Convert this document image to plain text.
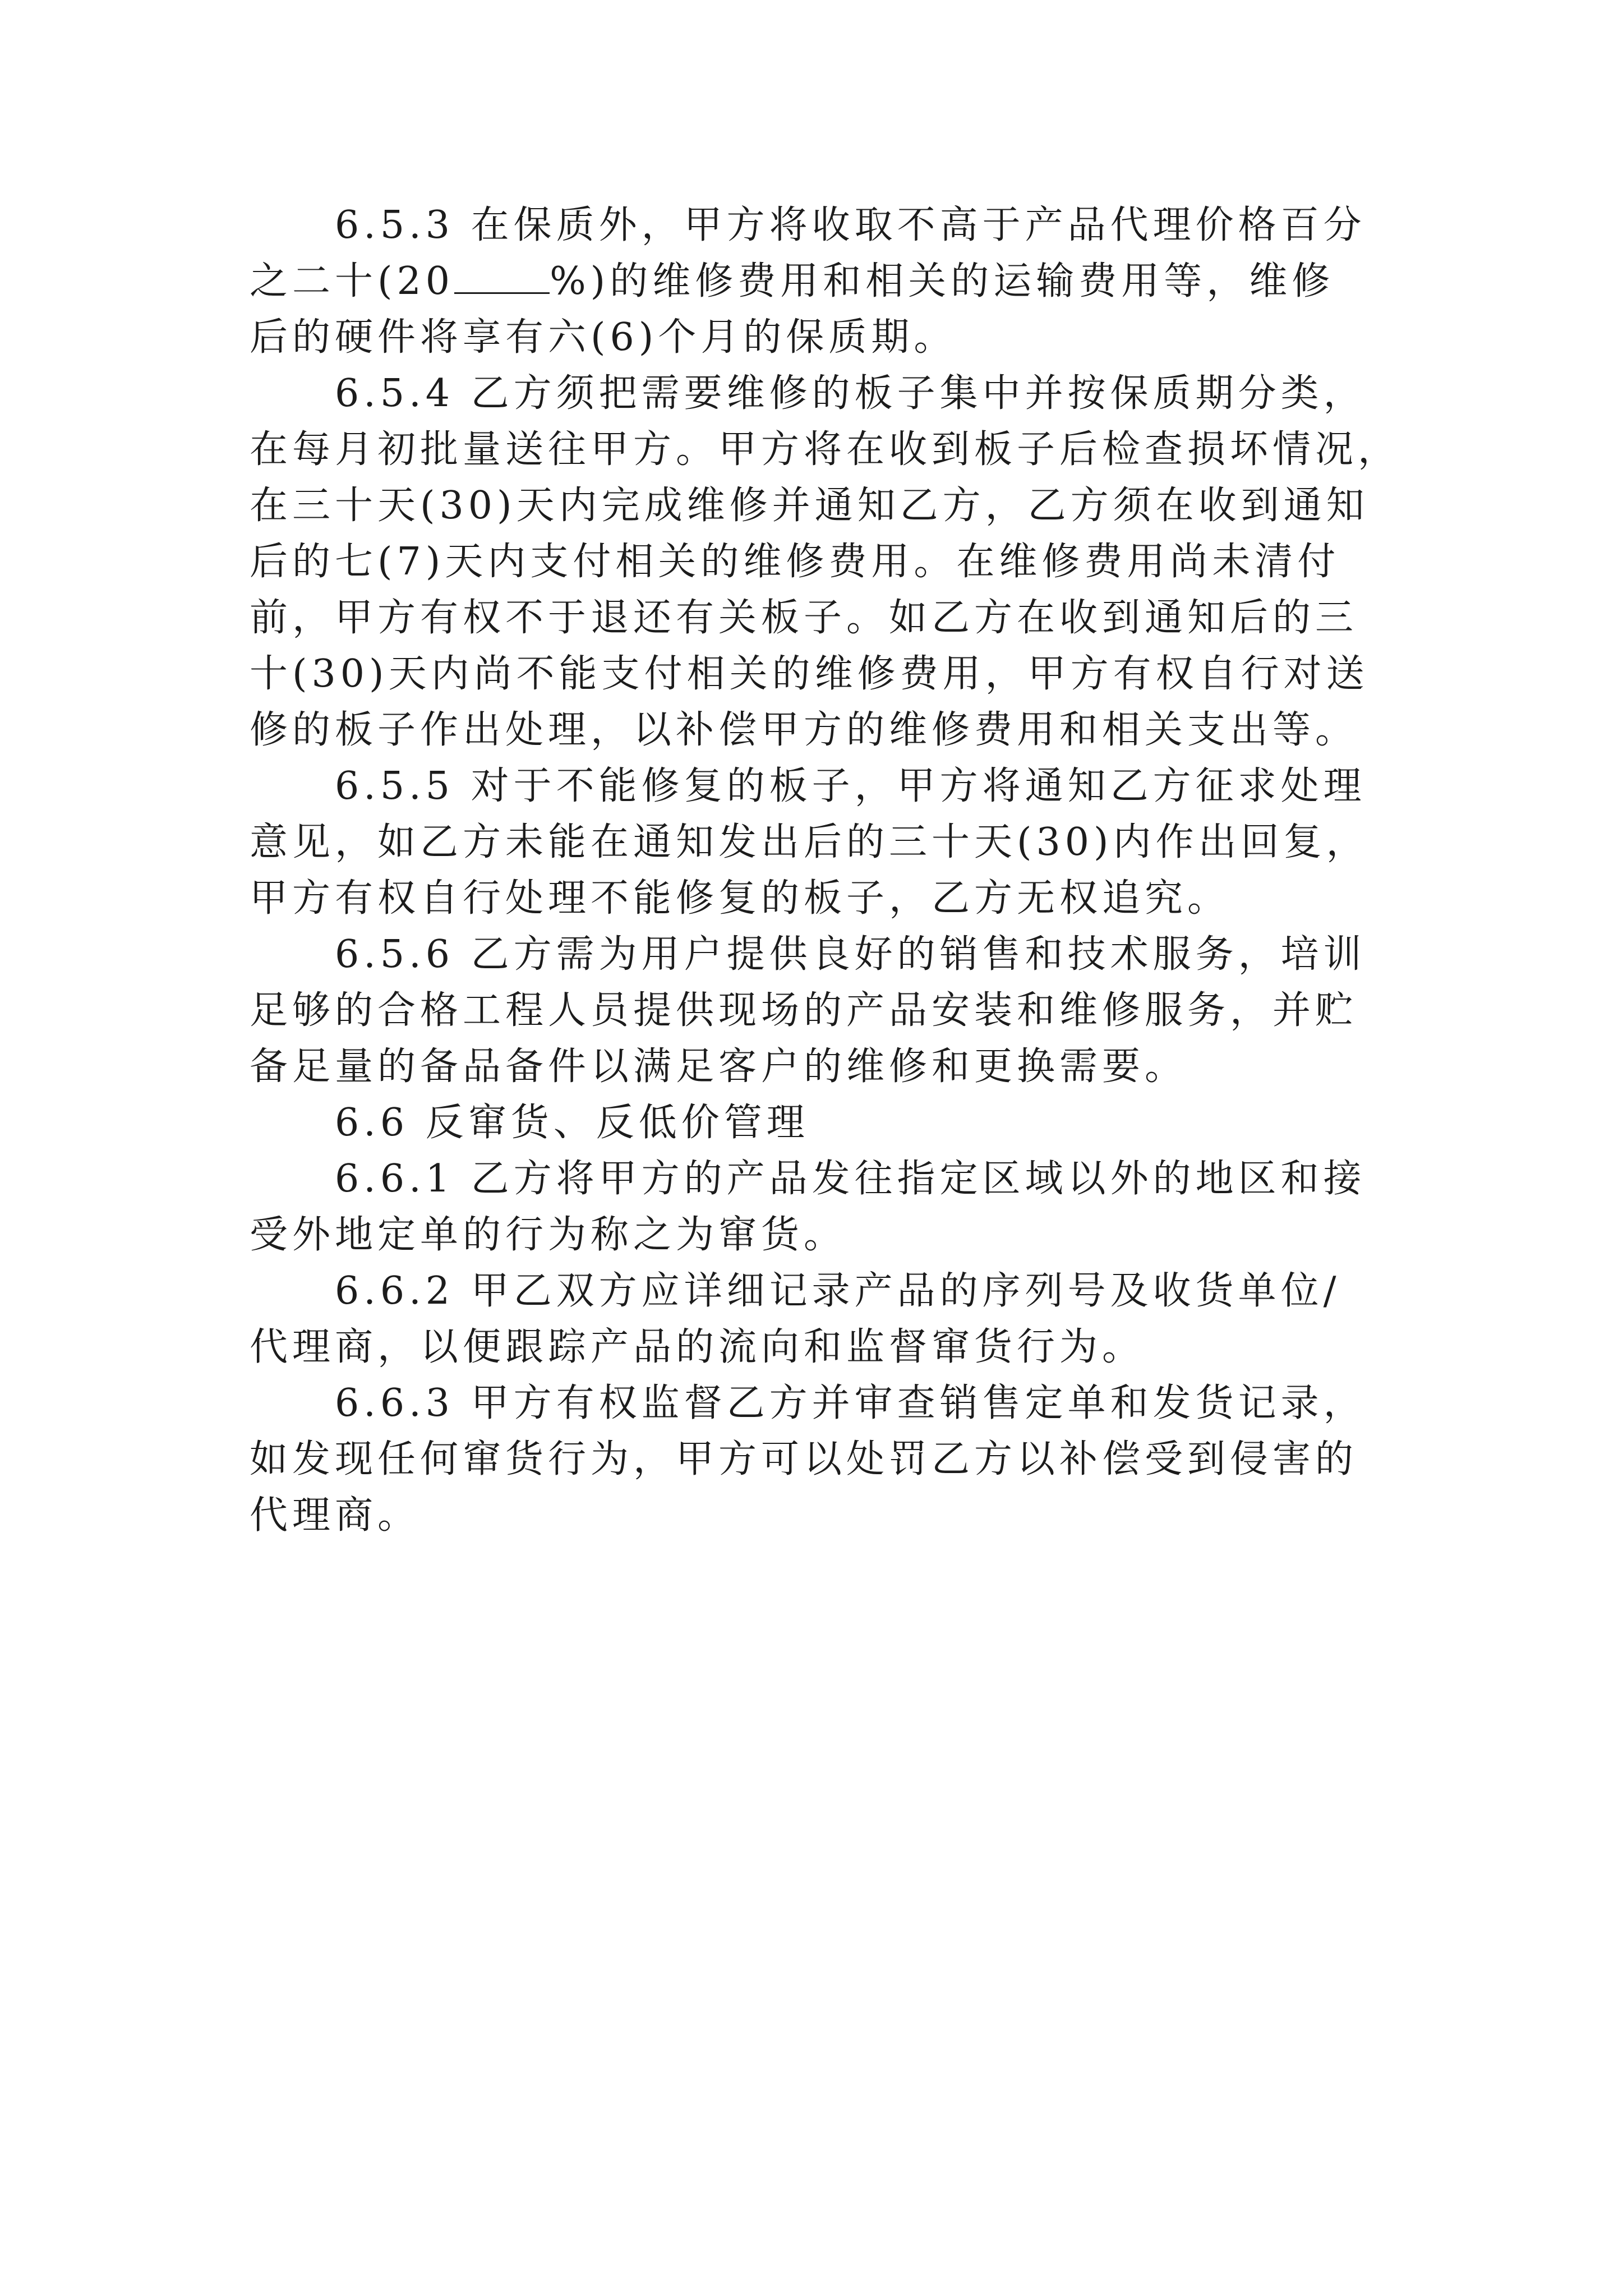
　　6.5.3 在保质外，甲方将收取不高于产品代理价格百分
之二十(20	%)的维修费用和相关的运输费用等，维修
后的硬件将享有六(6)个月的保质期。

　　6.5.4 乙方须把需要维修的板子集中并按保质期分类，
在每月初批量送往甲方。甲方将在收到板子后检查损坏情况，
在三十天(30)天内完成维修并通知乙方，乙方须在收到通知
后的七(7)天内支付相关的维修费用。在维修费用尚未清付
前，甲方有权不于退还有关板子。如乙方在收到通知后的三
十(30)天内尚不能支付相关的维修费用，甲方有权自行对送
修的板子作出处理，以补偿甲方的维修费用和相关支出等。

　　6.5.5 对于不能修复的板子，甲方将通知乙方征求处理
意见，如乙方未能在通知发出后的三十天(30)内作出回复，
甲方有权自行处理不能修复的板子，乙方无权追究。

　　6.5.6 乙方需为用户提供良好的销售和技术服务，培训
足够的合格工程人员提供现场的产品安装和维修服务，并贮
备足量的备品备件以满足客户的维修和更换需要。

　　6.6 反窜货、反低价管理

　　6.6.1 乙方将甲方的产品发往指定区域以外的地区和接
受外地定单的行为称之为窜货。

　　6.6.2 甲乙双方应详细记录产品的序列号及收货单位/
代理商，以便跟踪产品的流向和监督窜货行为。

　　6.6.3 甲方有权监督乙方并审查销售定单和发货记录，
如发现任何窜货行为，甲方可以处罚乙方以补偿受到侵害的
代理商。
